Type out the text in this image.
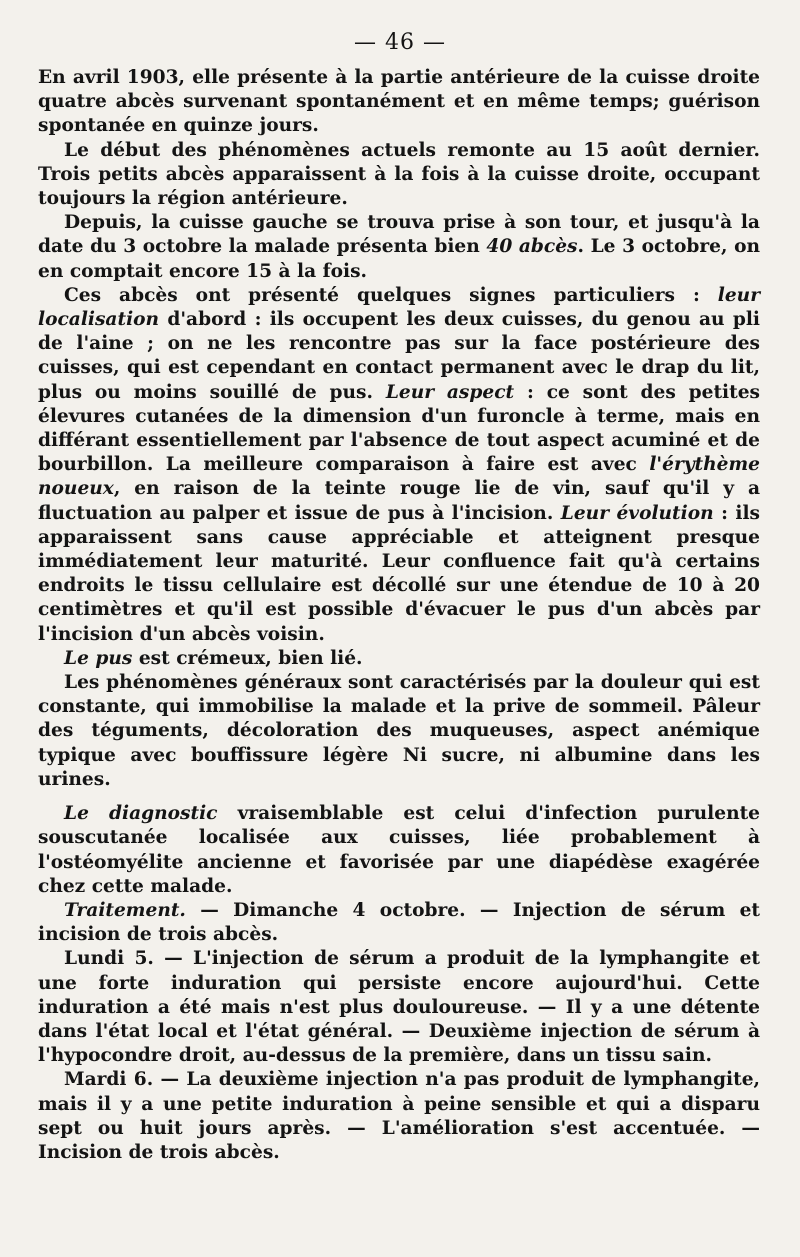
— 46 —

En avril 1903, elle présente à la partie antérieure de la cuisse droite quatre abcès survenant spontanément et en même temps; guérison spontanée en quinze jours.

Le début des phénomènes actuels remonte au 15 août dernier. Trois petits abcès apparaissent à la fois à la cuisse droite, occupant toujours la région antérieure.

Depuis, la cuisse gauche se trouva prise à son tour, et jusqu'à la date du 3 octobre la malade présenta bien 40 abcès. Le 3 octobre, on en comptait encore 15 à la fois.

Ces abcès ont présenté quelques signes particuliers : leur localisation d'abord : ils occupent les deux cuisses, du genou au pli de l'aine ; on ne les rencontre pas sur la face postérieure des cuisses, qui est cependant en contact permanent avec le drap du lit, plus ou moins souillé de pus. Leur aspect : ce sont des petites élevures cutanées de la dimension d'un furoncle à terme, mais en différant essentiellement par l'absence de tout aspect acuminé et de bourbillon. La meilleure comparaison à faire est avec l'érythème noueux, en raison de la teinte rouge lie de vin, sauf qu'il y a fluctuation au palper et issue de pus à l'incision. Leur évolution : ils apparaissent sans cause appréciable et atteignent presque immédiatement leur maturité. Leur confluence fait qu'à certains endroits le tissu cellulaire est décollé sur une étendue de 10 à 20 centimètres et qu'il est possible d'évacuer le pus d'un abcès par l'incision d'un abcès voisin.

Le pus est crémeux, bien lié.

Les phénomènes généraux sont caractérisés par la douleur qui est constante, qui immobilise la malade et la prive de sommeil. Pâleur des téguments, décoloration des muqueuses, aspect anémique typique avec bouffissure légère Ni sucre, ni albumine dans les urines.

Le diagnostic vraisemblable est celui d'infection purulente souscutanée localisée aux cuisses, liée probablement à l'ostéomyélite ancienne et favorisée par une diapédèse exagérée chez cette malade.

Traitement. — Dimanche 4 octobre. — Injection de sérum et incision de trois abcès.

Lundi 5. — L'injection de sérum a produit de la lymphangite et une forte induration qui persiste encore aujourd'hui. Cette induration a été mais n'est plus douloureuse. — Il y a une détente dans l'état local et l'état général. — Deuxième injection de sérum à l'hypocondre droit, au-dessus de la première, dans un tissu sain.

Mardi 6. — La deuxième injection n'a pas produit de lymphangite, mais il y a une petite induration à peine sensible et qui a disparu sept ou huit jours après. — L'amélioration s'est accentuée. — Incision de trois abcès.
